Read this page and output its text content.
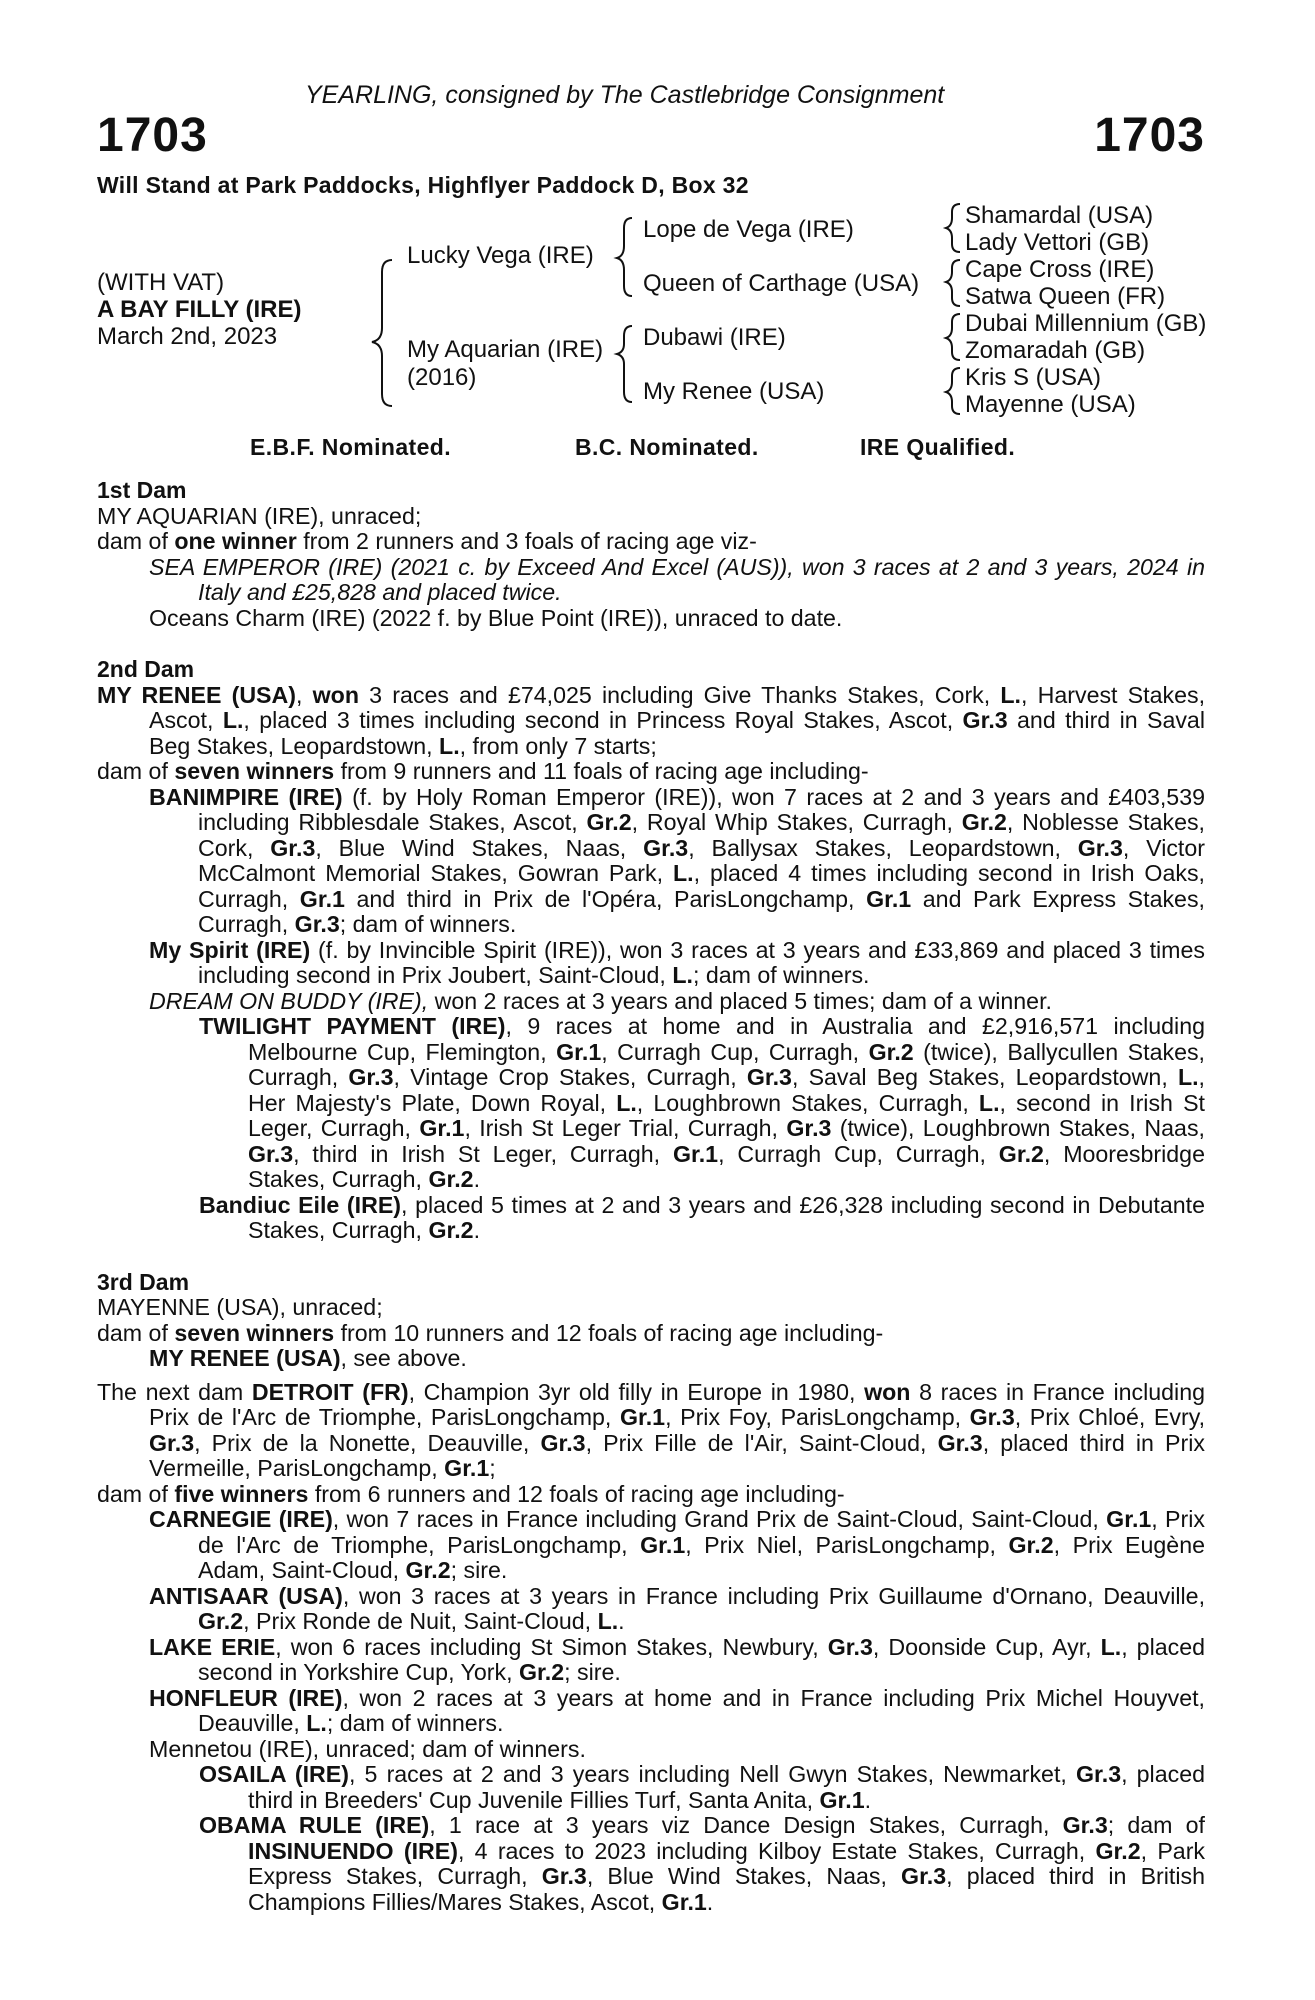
YEARLING, consigned by The Castlebridge Consignment
1703	1703
Will Stand at Park Paddocks, Highflyer Paddock D, Box 32
(WITH VAT)
A BAY FILLY (IRE)
March 2nd, 2023
Lucky Vega (IRE)
My Aquarian (IRE)
(2016)
Lope de Vega (IRE)
Queen of Carthage (USA)
Dubawi (IRE)
My Renee (USA)
Shamardal (USA)
Lady Vettori (GB)
Cape Cross (IRE)
Satwa Queen (FR)
Dubai Millennium (GB)
Zomaradah (GB)
Kris S (USA)
Mayenne (USA)
E.B.F. Nominated.	B.C. Nominated.	IRE Qualified.
1st Dam

MY AQUARIAN (IRE), unraced;

dam of one winner from 2 runners and 3 foals of racing age viz-

SEA EMPEROR (IRE) (2021 c. by Exceed And Excel (AUS)), won 3 races at 2 and 3 years, 2024 in Italy and £25,828 and placed twice.

Oceans Charm (IRE) (2022 f. by Blue Point (IRE)), unraced to date.

2nd Dam

MY RENEE (USA), won 3 races and £74,025 including Give Thanks Stakes, Cork, L., Harvest Stakes, Ascot, L., placed 3 times including second in Princess Royal Stakes, Ascot, Gr.3 and third in Saval Beg Stakes, Leopardstown, L., from only 7 starts;

dam of seven winners from 9 runners and 11 foals of racing age including-

BANIMPIRE (IRE) (f. by Holy Roman Emperor (IRE)), won 7 races at 2 and 3 years and £403,539 including Ribblesdale Stakes, Ascot, Gr.2, Royal Whip Stakes, Curragh, Gr.2, Noblesse Stakes, Cork, Gr.3, Blue Wind Stakes, Naas, Gr.3, Ballysax Stakes, Leopardstown, Gr.3, Victor McCalmont Memorial Stakes, Gowran Park, L., placed 4 times including second in Irish Oaks, Curragh, Gr.1 and third in Prix de l'Opéra, ParisLongchamp, Gr.1 and Park Express Stakes, Curragh, Gr.3; dam of winners.

My Spirit (IRE) (f. by Invincible Spirit (IRE)), won 3 races at 3 years and £33,869 and placed 3 times including second in Prix Joubert, Saint-Cloud, L.; dam of winners.

DREAM ON BUDDY (IRE), won 2 races at 3 years and placed 5 times; dam of a winner.

TWILIGHT PAYMENT (IRE), 9 races at home and in Australia and £2,916,571 including Melbourne Cup, Flemington, Gr.1, Curragh Cup, Curragh, Gr.2 (twice), Ballycullen Stakes, Curragh, Gr.3, Vintage Crop Stakes, Curragh, Gr.3, Saval Beg Stakes, Leopardstown, L., Her Majesty's Plate, Down Royal, L., Loughbrown Stakes, Curragh, L., second in Irish St Leger, Curragh, Gr.1, Irish St Leger Trial, Curragh, Gr.3 (twice), Loughbrown Stakes, Naas, Gr.3, third in Irish St Leger, Curragh, Gr.1, Curragh Cup, Curragh, Gr.2, Mooresbridge Stakes, Curragh, Gr.2.

Bandiuc Eile (IRE), placed 5 times at 2 and 3 years and £26,328 including second in Debutante Stakes, Curragh, Gr.2.

3rd Dam

MAYENNE (USA), unraced;

dam of seven winners from 10 runners and 12 foals of racing age including-

MY RENEE (USA), see above.

The next dam DETROIT (FR), Champion 3yr old filly in Europe in 1980, won 8 races in France including Prix de l'Arc de Triomphe, ParisLongchamp, Gr.1, Prix Foy, ParisLongchamp, Gr.3, Prix Chloé, Evry, Gr.3, Prix de la Nonette, Deauville, Gr.3, Prix Fille de l'Air, Saint-Cloud, Gr.3, placed third in Prix Vermeille, ParisLongchamp, Gr.1;

dam of five winners from 6 runners and 12 foals of racing age including-

CARNEGIE (IRE), won 7 races in France including Grand Prix de Saint-Cloud, Saint-Cloud, Gr.1, Prix de l'Arc de Triomphe, ParisLongchamp, Gr.1, Prix Niel, ParisLongchamp, Gr.2, Prix Eugène Adam, Saint-Cloud, Gr.2; sire.

ANTISAAR (USA), won 3 races at 3 years in France including Prix Guillaume d'Ornano, Deauville, Gr.2, Prix Ronde de Nuit, Saint-Cloud, L..

LAKE ERIE, won 6 races including St Simon Stakes, Newbury, Gr.3, Doonside Cup, Ayr, L., placed second in Yorkshire Cup, York, Gr.2; sire.

HONFLEUR (IRE), won 2 races at 3 years at home and in France including Prix Michel Houyvet, Deauville, L.; dam of winners.

Mennetou (IRE), unraced; dam of winners.

OSAILA (IRE), 5 races at 2 and 3 years including Nell Gwyn Stakes, Newmarket, Gr.3, placed third in Breeders' Cup Juvenile Fillies Turf, Santa Anita, Gr.1.

OBAMA RULE (IRE), 1 race at 3 years viz Dance Design Stakes, Curragh, Gr.3; dam of INSINUENDO (IRE), 4 races to 2023 including Kilboy Estate Stakes, Curragh, Gr.2, Park Express Stakes, Curragh, Gr.3, Blue Wind Stakes, Naas, Gr.3, placed third in British Champions Fillies/Mares Stakes, Ascot, Gr.1.
